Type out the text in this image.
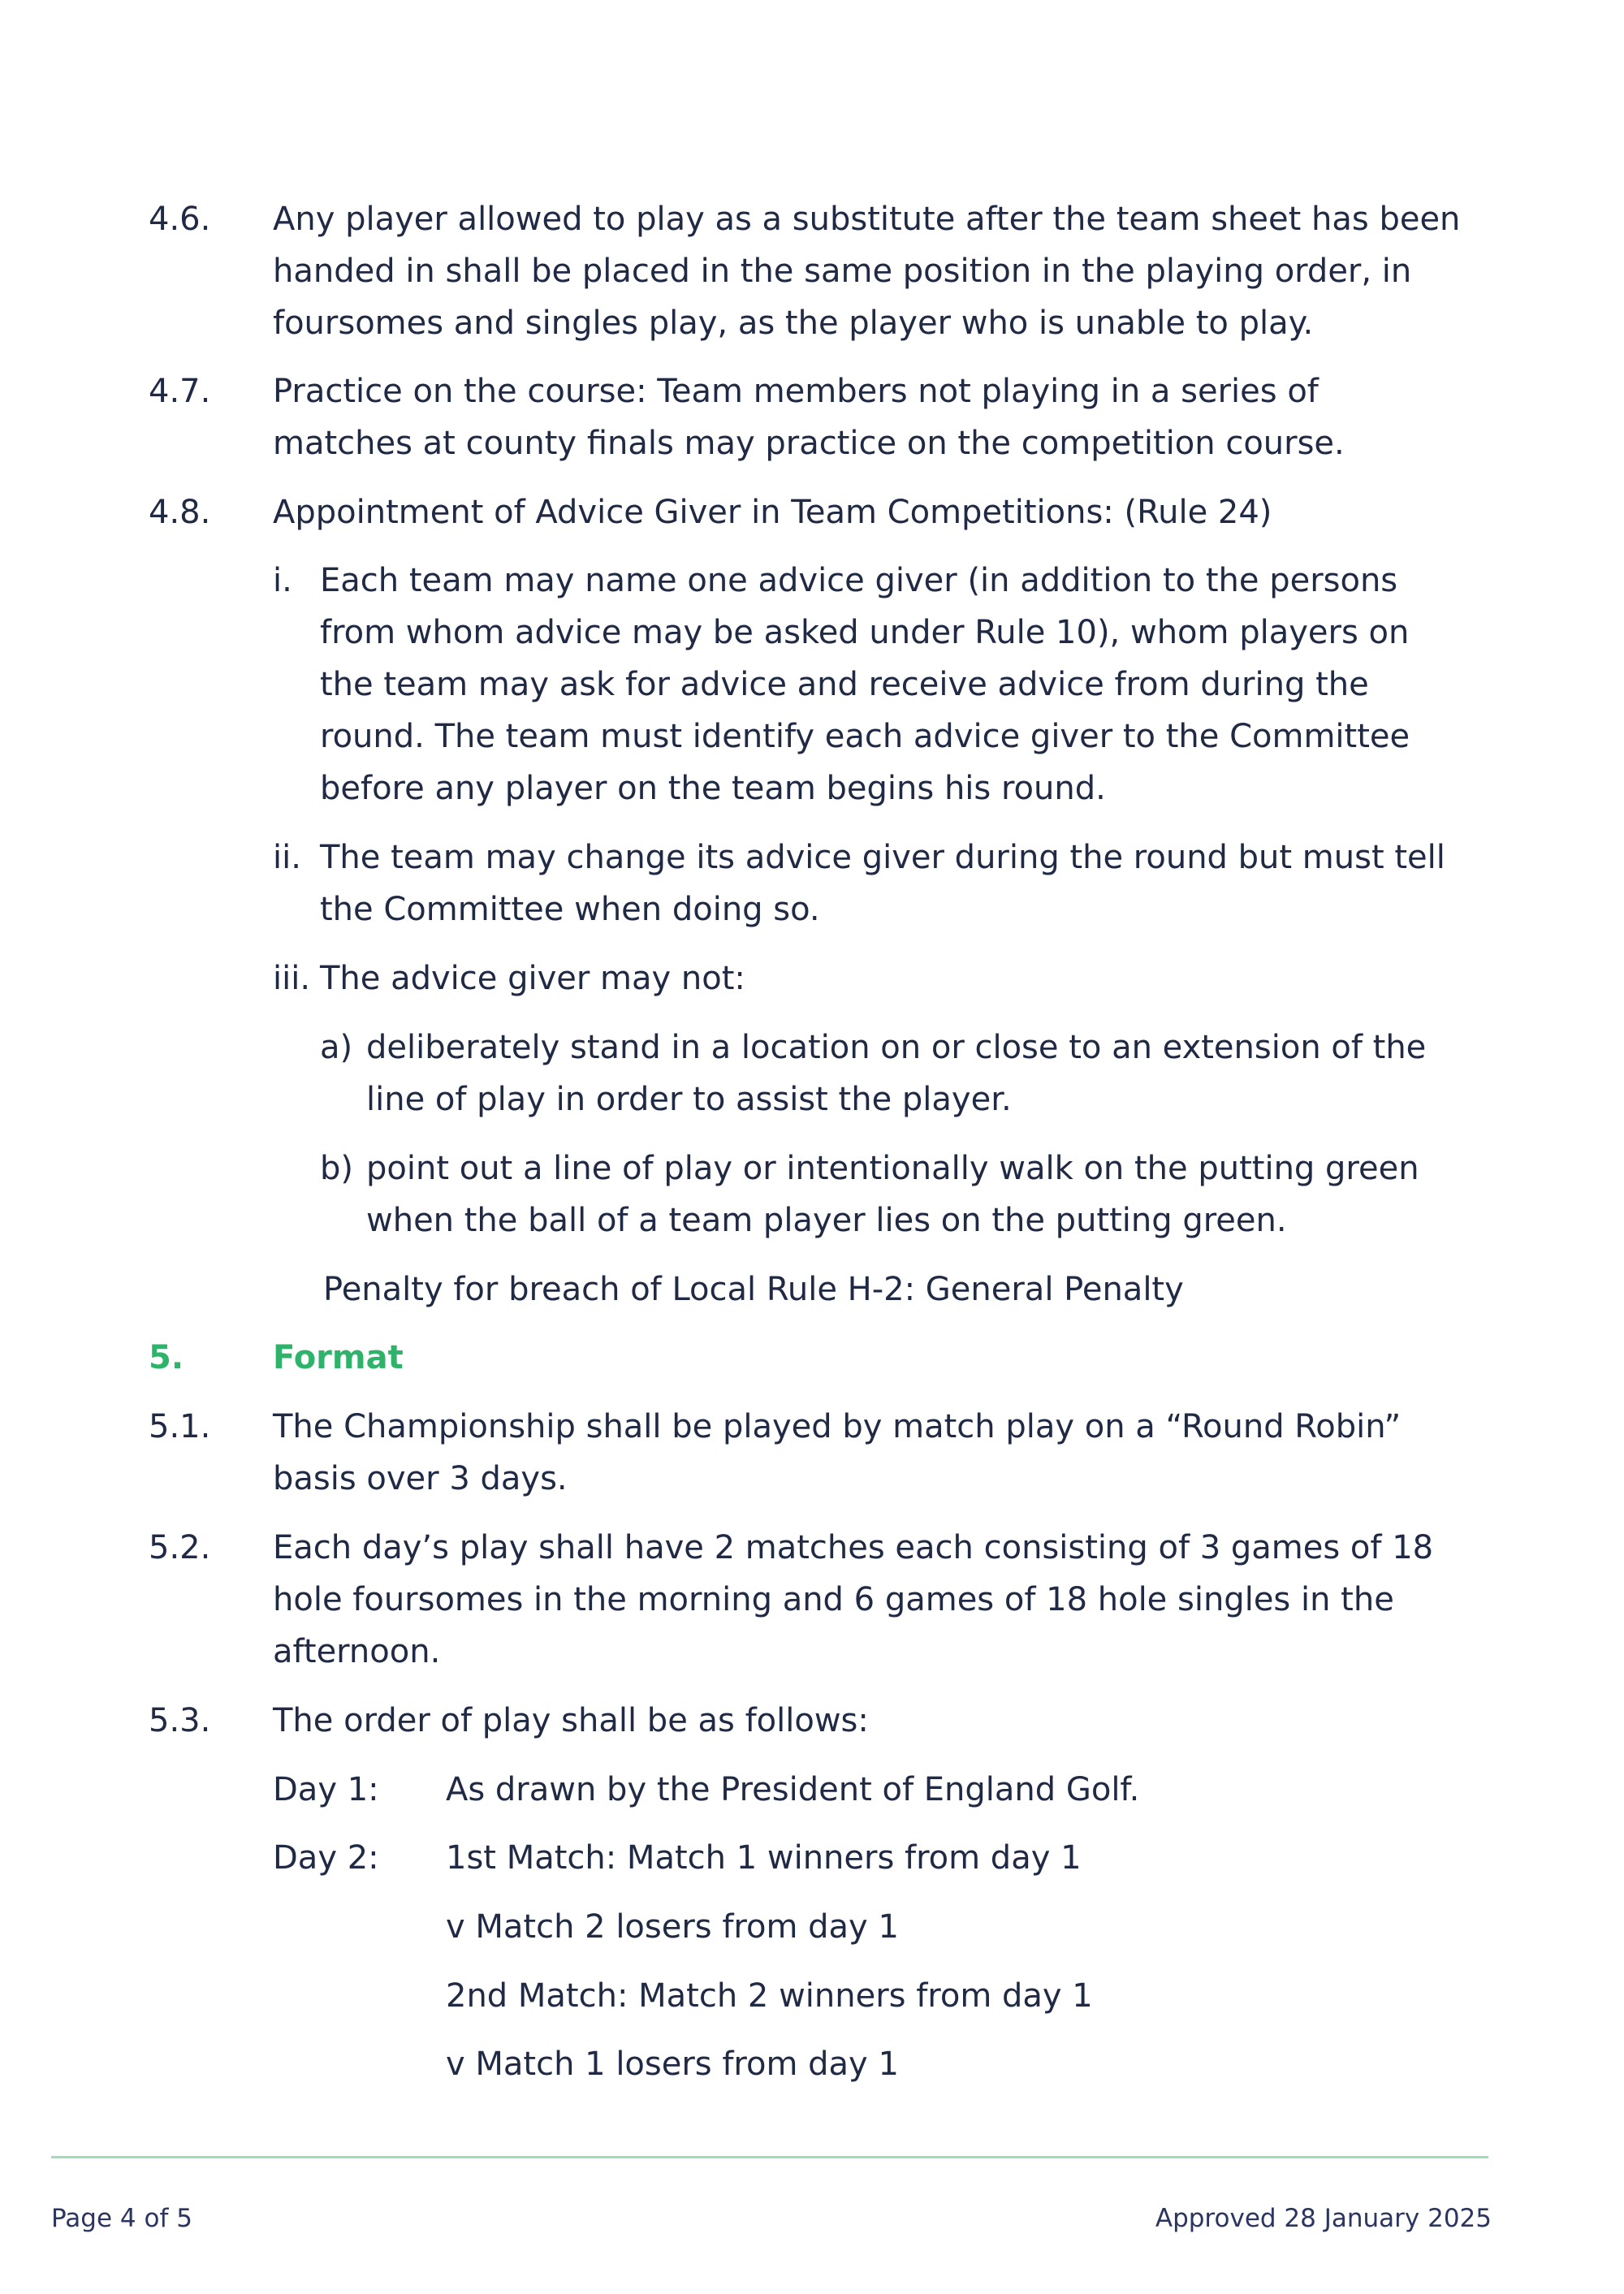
4.6. Any player allowed to play as a substitute after the team sheet has been
handed in shall be placed in the same position in the playing order, in
foursomes and singles play, as the player who is unable to play.
4.7. Practice on the course: Team members not playing in a series of
matches at county finals may practice on the competition course.
4.8. Appointment of Advice Giver in Team Competitions: (Rule 24)
i. Each team may name one advice giver (in addition to the persons
from whom advice may be asked under Rule 10), whom players on
the team may ask for advice and receive advice from during the
round. The team must identify each advice giver to the Committee
before any player on the team begins his round.
ii. The team may change its advice giver during the round but must tell
the Committee when doing so.
iii. The advice giver may not:
a) deliberately stand in a location on or close to an extension of the
line of play in order to assist the player.
b) point out a line of play or intentionally walk on the putting green
when the ball of a team player lies on the putting green.
Penalty for breach of Local Rule H-2: General Penalty
5.	Format
5.1. The Championship shall be played by match play on a “Round Robin”
basis over 3 days.
5.2. Each day’s play shall have 2 matches each consisting of 3 games of 18
hole foursomes in the morning and 6 games of 18 hole singles in the
afternoon.
5.3. The order of play shall be as follows:
Day 1: As drawn by the President of England Golf.
Day 2: 1st Match: Match 1 winners from day 1
v Match 2 losers from day 1
2nd Match: Match 2 winners from day 1
v Match 1 losers from day 1
Page 4 of 5	Approved 28 January 2025
